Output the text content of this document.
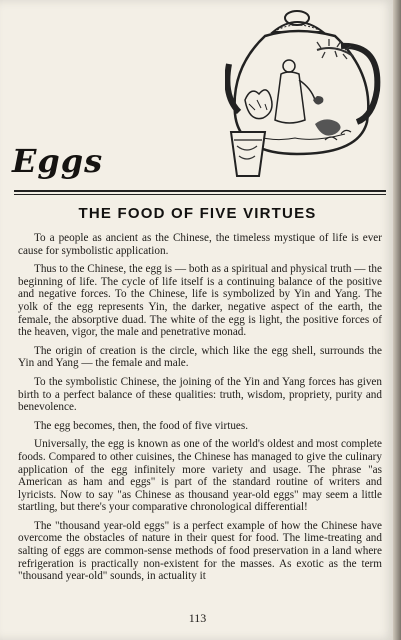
Eggs
THE FOOD OF FIVE VIRTUES

To a people as ancient as the Chinese, the timeless mystique of life is ever cause for symbolistic application.

Thus to the Chinese, the egg is — both as a spiritual and physical truth — the beginning of life. The cycle of life itself is a continuing balance of the positive and negative forces. To the Chinese, life is symbolized by Yin and Yang. The yolk of the egg represents Yin, the darker, negative aspect of the earth, the female, the absorptive duad. The white of the egg is light, the positive forces of the heaven, vigor, the male and penetrative monad.

The origin of creation is the circle, which like the egg shell, surrounds the Yin and Yang — the female and male.

To the symbolistic Chinese, the joining of the Yin and Yang forces has given birth to a perfect balance of these qualities: truth, wisdom, propriety, purity and benevolence.

The egg becomes, then, the food of five virtues.

Universally, the egg is known as one of the world's oldest and most complete foods. Compared to other cuisines, the Chinese has managed to give the culinary application of the egg infinitely more variety and usage. The phrase "as American as ham and eggs" is part of the standard routine of writers and lyricists. Now to say "as Chinese as thousand year-old eggs" may seem a little startling, but there's your comparative chronological differential!

The "thousand year-old eggs" is a perfect example of how the Chinese have overcome the obstacles of nature in their quest for food. The lime-treating and salting of eggs are common-sense methods of food preservation in a land where refrigeration is practically non-existent for the masses. As exotic as the term "thousand year-old" sounds, in actuality it

113
